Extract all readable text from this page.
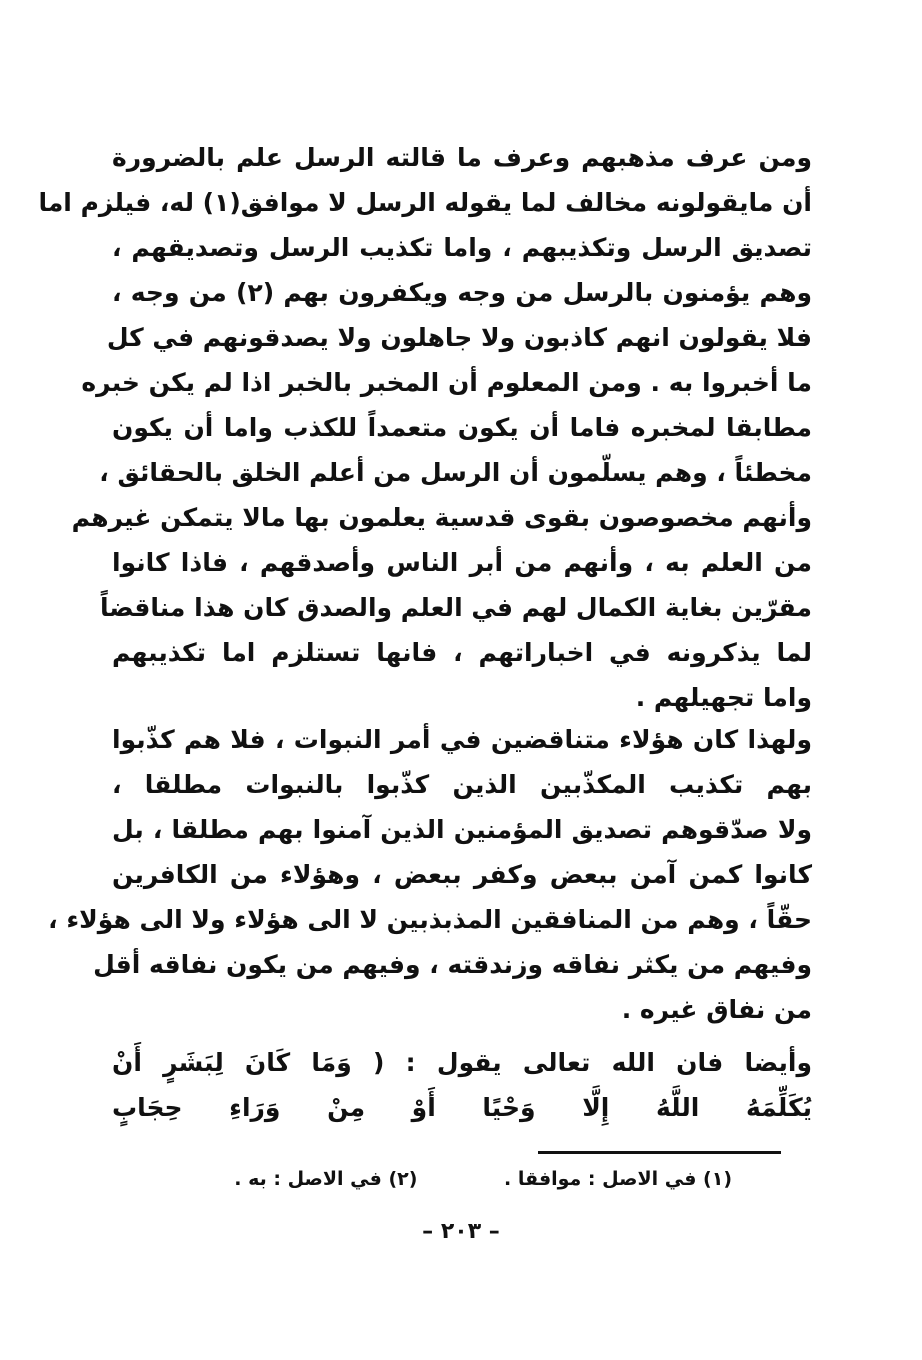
ومن عرف مذهبهم وعرف ما قالته الرسل علم بالضرورة
أن مايقولونه مخالف لما يقوله الرسل لا موافق(١) له، فيلزم اما
تصديق الرسل وتكذيبهم ، واما تكذيب الرسل وتصديقهم ،
وهم يؤمنون بالرسل من وجه ويكفرون بهم (٢) من وجه ،
فلا يقولون انهم كاذبون ولا جاهلون ولا يصدقونهم في كل
ما أخبروا به . ومن المعلوم أن المخبر بالخبر اذا لم يكن خبره
مطابقا لمخبره فاما أن يكون متعمداً للكذب واما أن يكون
مخطئاً ، وهم يسلّمون أن الرسل من أعلم الخلق بالحقائق ،
وأنهم مخصوصون بقوى قدسية يعلمون بها مالا يتمكن غيرهم
من العلم به ، وأنهم من أبر الناس وأصدقهم ، فاذا كانوا
مقرّين بغاية الكمال لهم في العلم والصدق كان هذا مناقضاً
لما يذكرونه في اخباراتهم ، فانها تستلزم اما تكذيبهم
واما تجهيلهم .
ولهذا كان هؤلاء متناقضين في أمر النبوات ، فلا هم كذّبوا
بهم تكذيب المكذّبين الذين كذّبوا بالنبوات مطلقا ،
ولا صدّقوهم تصديق المؤمنين الذين آمنوا بهم مطلقا ، بل
كانوا كمن آمن ببعض وكفر ببعض ، وهؤلاء من الكافرين
حقّاً ، وهم من المنافقين المذبذبين لا الى هؤلاء ولا الى هؤلاء ،
وفيهم من يكثر نفاقه وزندقته ، وفيهم من يكون نفاقه أقل
من نفاق غيره .
وأيضا فان الله تعالى يقول : ( وَمَا كَانَ لِبَشَرٍ أَنْ
يُكَلِّمَهُ اللَّهُ إِلَّا وَحْيًا أَوْ مِنْ وَرَاءِ حِجَابٍ
(١) في الاصل : موافقا . (٢) في الاصل : به .
– ٢٠٣ –
